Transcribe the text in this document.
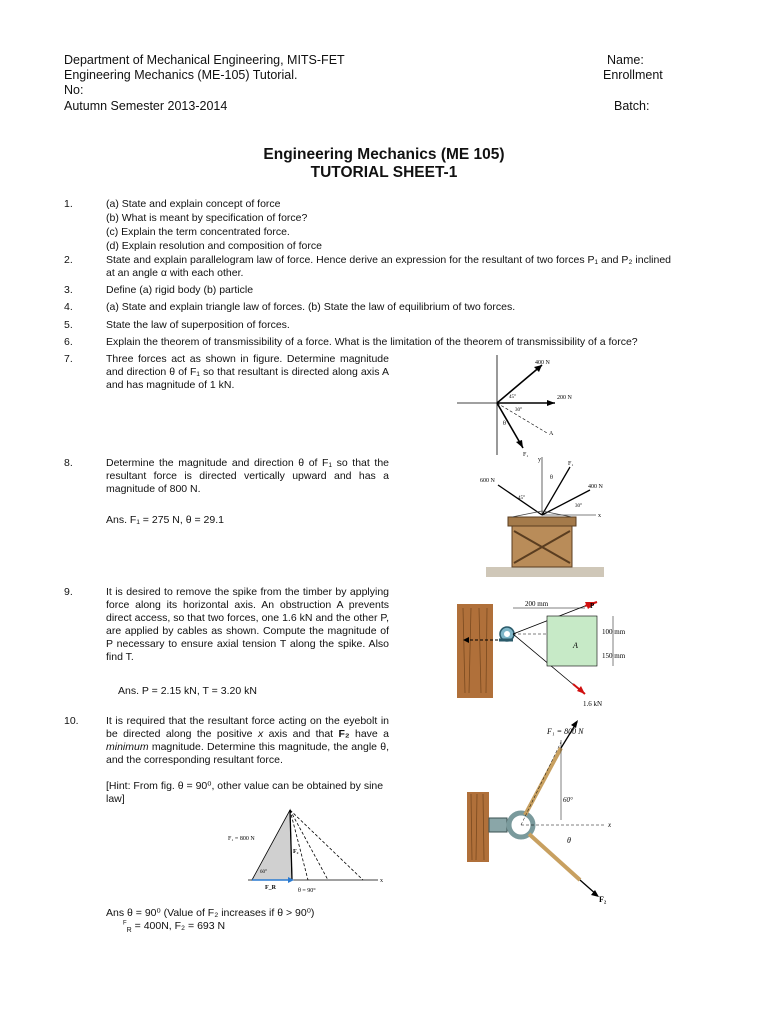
Department of Mechanical Engineering, MITS-FET
Engineering Mechanics (ME-105) Tutorial.
No:
Autumn Semester 2013-2014
Name:
Enrollment
Batch:
Engineering Mechanics (ME 105)
TUTORIAL SHEET-1
1.	(a) State and explain concept of force
(b) What is meant by specification of force?
(c) Explain the term concentrated force.
(d) Explain resolution and composition of force
2.	State and explain parallelogram law of force. Hence derive an expression for the resultant of two forces P₁ and P₂ inclined at an angle α with each other.
3.	Define (a) rigid body (b) particle
4.	(a) State and explain triangle law of forces. (b) State the law of equilibrium of two forces.
5.	State the law of superposition of forces.
6.	Explain the theorem of transmissibility of a force. What is the limitation of the theorem of transmissibility of a force?
7.	Three forces act as shown in figure. Determine magnitude and direction θ of F₁ so that resultant is directed along axis A and has magnitude of 1 kN.
400 N
200 N
45°
30°
θ
A
F₁
8.	Determine the magnitude and direction θ of F₁ so that the resultant force is directed vertically upward and has a magnitude of 800 N.
Ans. F₁ = 275 N, θ = 29.1
600 N
F₁
θ
400 N
30°
45°
x
y
9.	It is desired to remove the spike from the timber by applying force along its horizontal axis. An obstruction A prevents direct access, so that two forces, one 1.6 kN and the other P, are applied by cables as shown. Compute the magnitude of P necessary to ensure axial tension T along the spike. Also find T.
Ans. P = 2.15 kN, T = 3.20 kN
200 mm	P
100 mm
150 mm
A
1.6 kN
10.	It is required that the resultant force acting on the eyebolt in be directed along the positive x axis and that F₂ have a minimum magnitude. Determine this magnitude, the angle θ, and the corresponding resultant force.
[Hint: From fig. θ = 90⁰, other value can be obtained by sine law]
F₁ = 800 N
F₂
60°
F_R	θ = 90°
x
F₁ = 800 N
60°
θ
x
F₂
Ans θ = 90⁰ (Value of F₂ increases if θ > 90⁰)
$^F_R$ = 400N, F₂ = 693 N
